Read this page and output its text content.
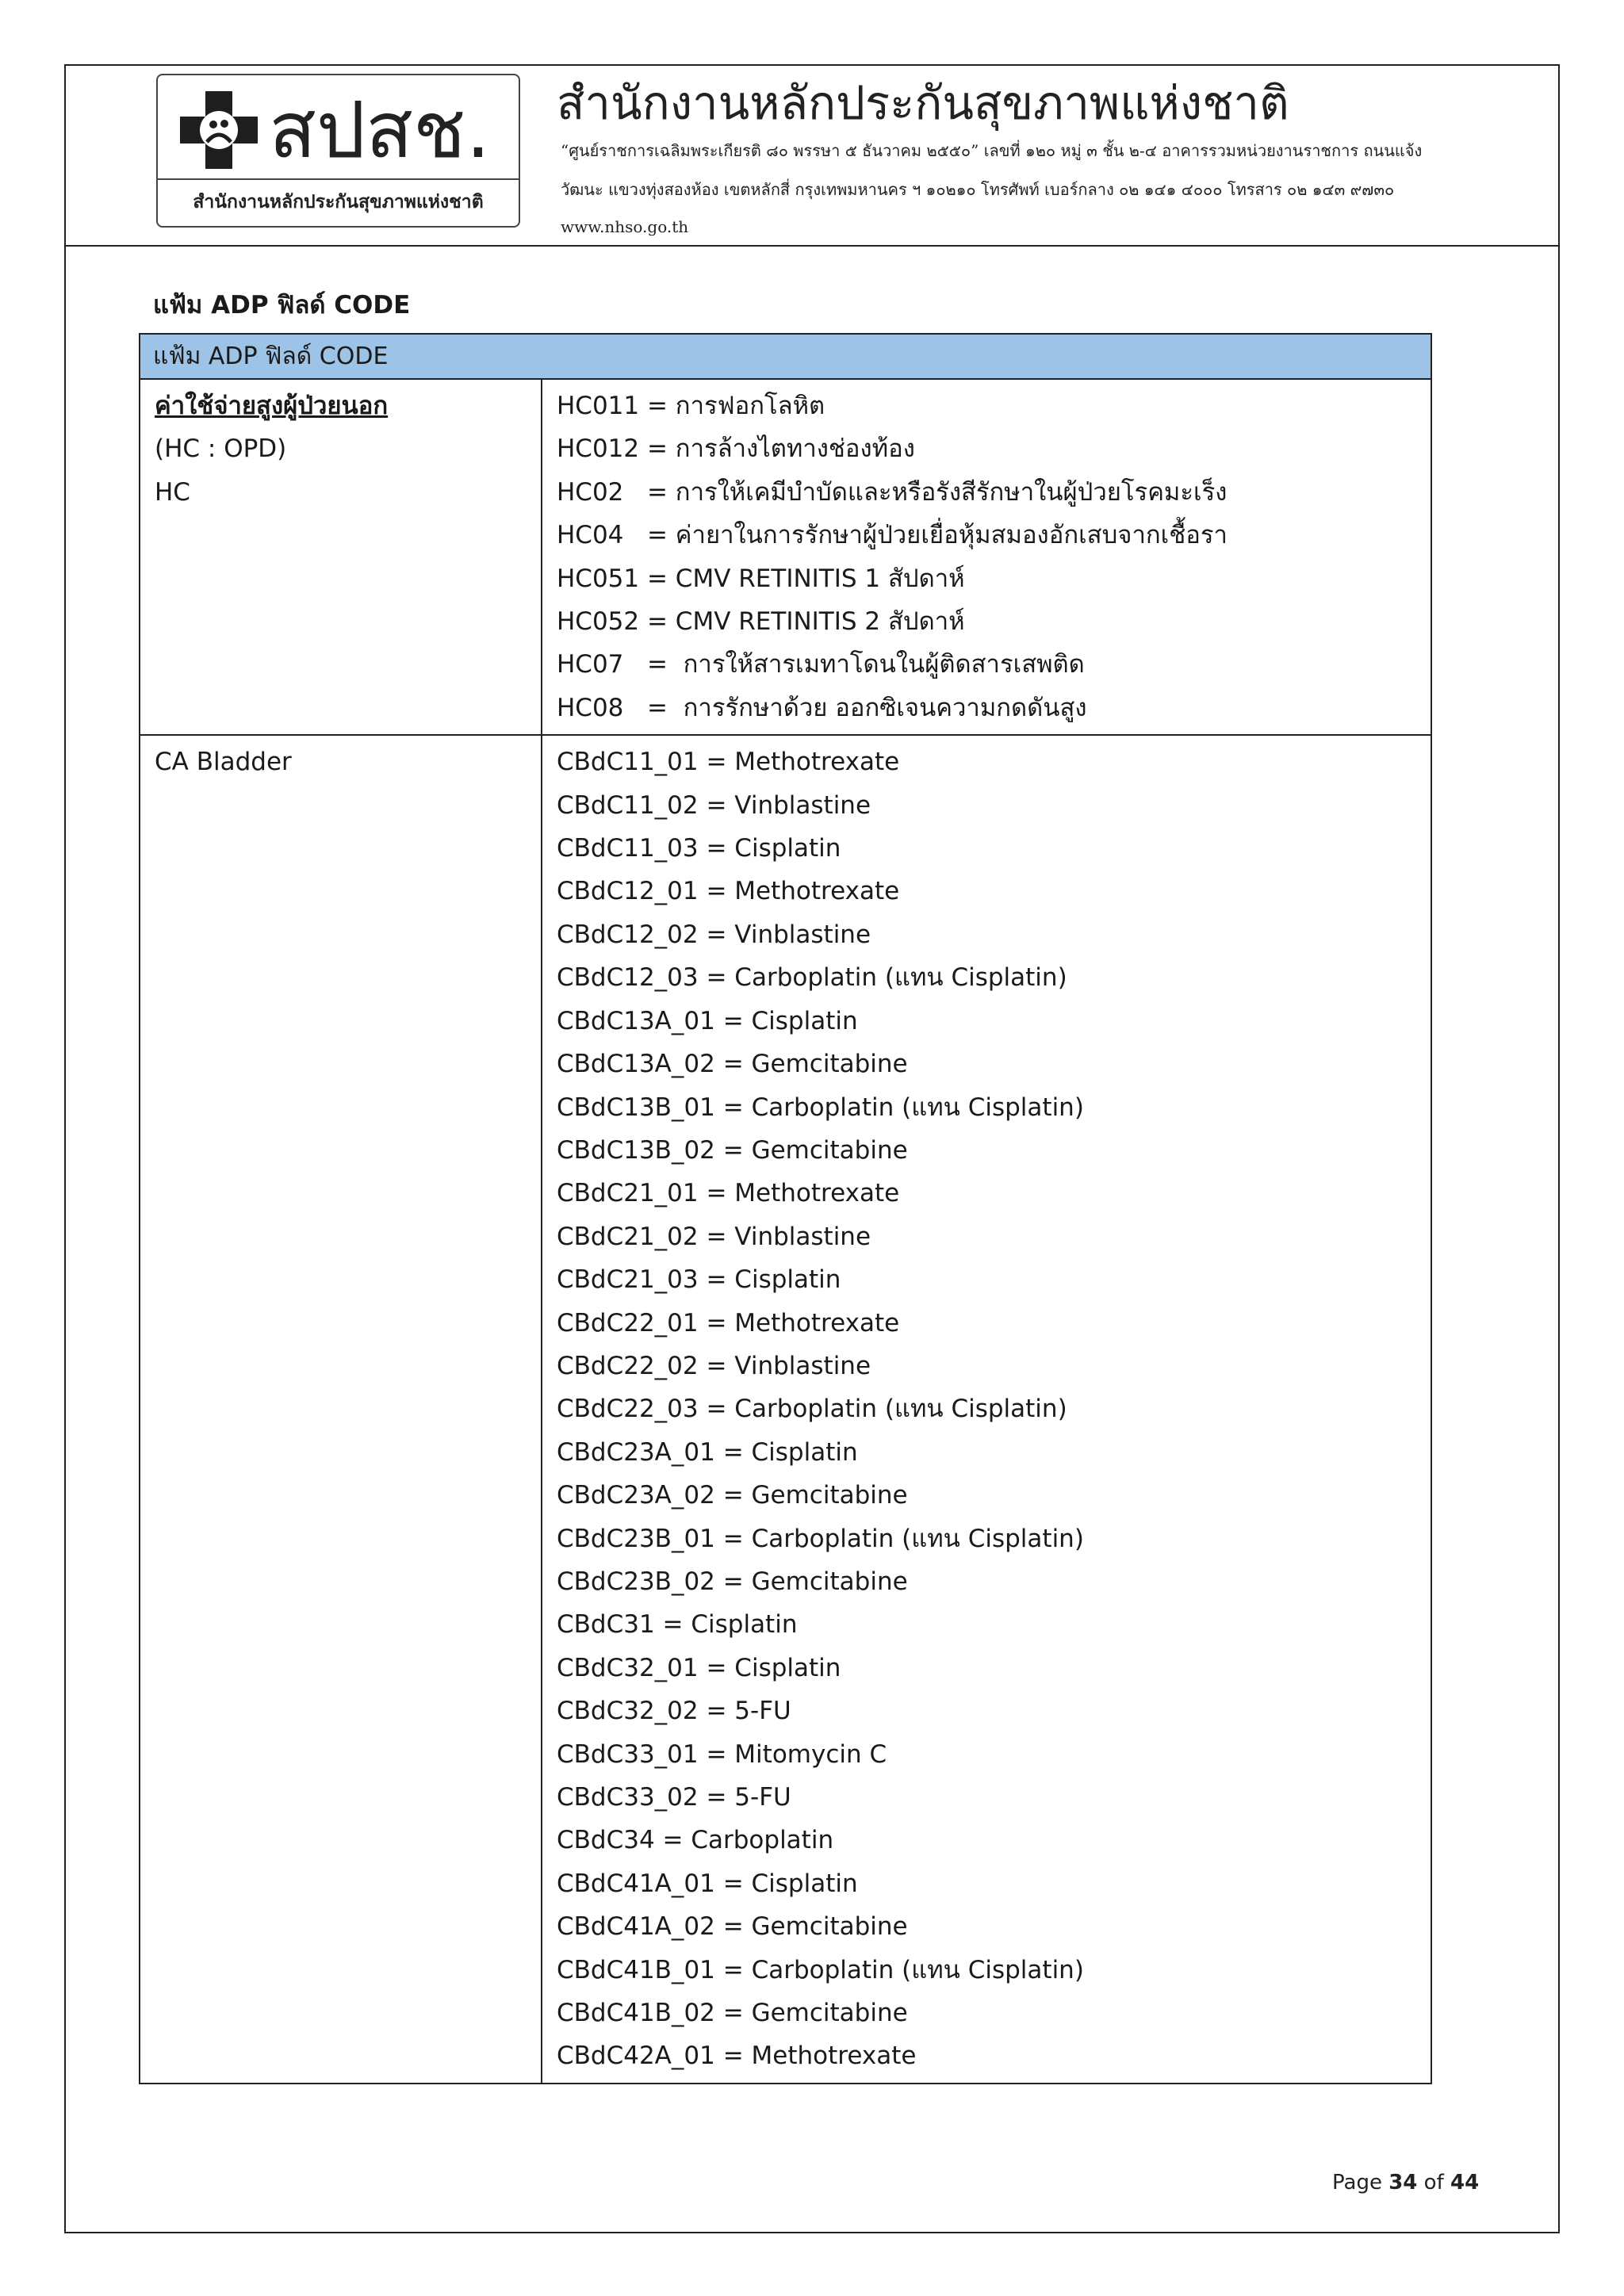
สปสช.
สำนักงานหลักประกันสุขภาพแห่งชาติ
สำนักงานหลักประกันสุขภาพแห่งชาติ
“ศูนย์ราชการเฉลิมพระเกียรติ ๘๐ พรรษา ๕ ธันวาคม ๒๕๕๐” เลขที่ ๑๒๐ หมู่ ๓ ชั้น ๒-๔ อาคารรวมหน่วยงานราชการ ถนนแจ้ง
วัฒนะ แขวงทุ่งสองห้อง เขตหลักสี่ กรุงเทพมหานคร ฯ ๑๐๒๑๐ โทรศัพท์ เบอร์กลาง ๐๒ ๑๔๑ ๔๐๐๐ โทรสาร ๐๒ ๑๔๓ ๙๗๓๐
www.nhso.go.th
แฟ้ม ADP ฟิลด์ CODE
แฟ้ม ADP ฟิลด์ CODE
ค่าใช้จ่ายสูงผู้ป่วยนอก
(HC : OPD)
HC
HC011 = การฟอกโลหิต
HC012 = การล้างไตทางช่องท้อง
HC02   = การให้เคมีบำบัดและหรือรังสีรักษาในผู้ป่วยโรคมะเร็ง
HC04   = ค่ายาในการรักษาผู้ป่วยเยื่อหุ้มสมองอักเสบจากเชื้อรา
HC051 = CMV RETINITIS 1 สัปดาห์
HC052 = CMV RETINITIS 2 สัปดาห์
HC07   =  การให้สารเมทาโดนในผู้ติดสารเสพติด
HC08   =  การรักษาด้วย ออกซิเจนความกดดันสูง
CA Bladder	CBdC11_01 = Methotrexate
CBdC11_02 = Vinblastine
CBdC11_03 = Cisplatin
CBdC12_01 = Methotrexate
CBdC12_02 = Vinblastine
CBdC12_03 = Carboplatin (แทน Cisplatin)
CBdC13A_01 = Cisplatin
CBdC13A_02 = Gemcitabine
CBdC13B_01 = Carboplatin (แทน Cisplatin)
CBdC13B_02 = Gemcitabine
CBdC21_01 = Methotrexate
CBdC21_02 = Vinblastine
CBdC21_03 = Cisplatin
CBdC22_01 = Methotrexate
CBdC22_02 = Vinblastine
CBdC22_03 = Carboplatin (แทน Cisplatin)
CBdC23A_01 = Cisplatin
CBdC23A_02 = Gemcitabine
CBdC23B_01 = Carboplatin (แทน Cisplatin)
CBdC23B_02 = Gemcitabine
CBdC31 = Cisplatin
CBdC32_01 = Cisplatin
CBdC32_02 = 5-FU
CBdC33_01 = Mitomycin C
CBdC33_02 = 5-FU
CBdC34 = Carboplatin
CBdC41A_01 = Cisplatin
CBdC41A_02 = Gemcitabine
CBdC41B_01 = Carboplatin (แทน Cisplatin)
CBdC41B_02 = Gemcitabine
CBdC42A_01 = Methotrexate
Page 34 of 44
